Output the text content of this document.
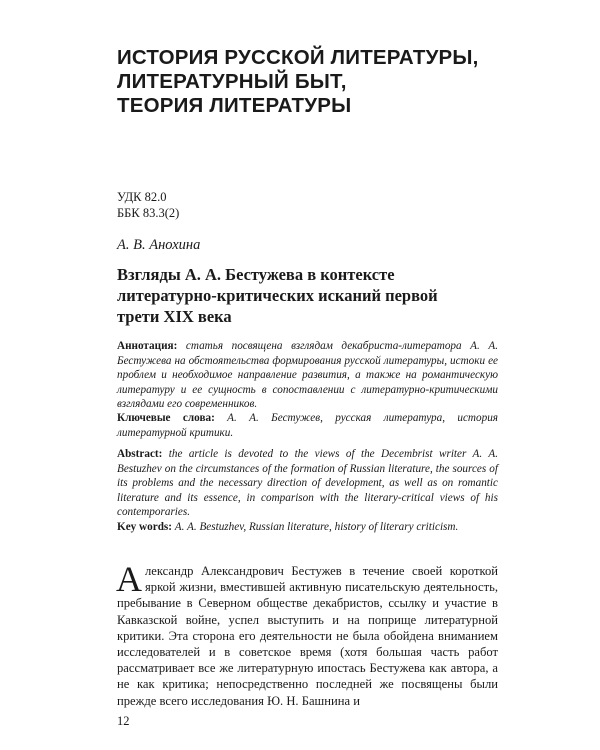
ИСТОРИЯ РУССКОЙ ЛИТЕРАТУРЫ,
ЛИТЕРАТУРНЫЙ БЫТ,
ТЕОРИЯ ЛИТЕРАТУРЫ
УДК 82.0
ББК 83.3(2)
А. В. Анохина
Взгляды А. А. Бестужева в контексте
литературно-критических исканий первой
трети XIX века
Аннотация: статья посвящена взглядам декабриста-литератора А. А. Бестужева на обстоятельства формирования русской литературы, истоки ее проблем и необходимое направление развития, а также на романтическую литературу и ее сущность в сопоставлении с литературно-критическими взглядами его современников.
Ключевые слова: А. А. Бестужев, русская литература, история литературной критики.
Abstract: the article is devoted to the views of the Decembrist writer A. A. Bestuzhev on the circumstances of the formation of Russian literature, the sources of its problems and the necessary direction of development, as well as on romantic literature and its essence, in comparison with the literary-critical views of his contemporaries.
Key words: A. A. Bestuzhev, Russian literature, history of literary criticism.
Александр Александрович Бестужев в течение своей короткой яркой жизни, вместившей активную писательскую деятельность, пребывание в Северном обществе декабристов, ссылку и участие в Кавказской войне, успел выступить и на поприще литературной критики. Эта сторона его деятельности не была обойдена вниманием исследователей и в советское время (хотя большая часть работ рассматривает все же литературную ипостась Бестужева как автора, а не как критика; непосредственно последней же посвящены были прежде всего исследования Ю. Н. Башнина и
12
